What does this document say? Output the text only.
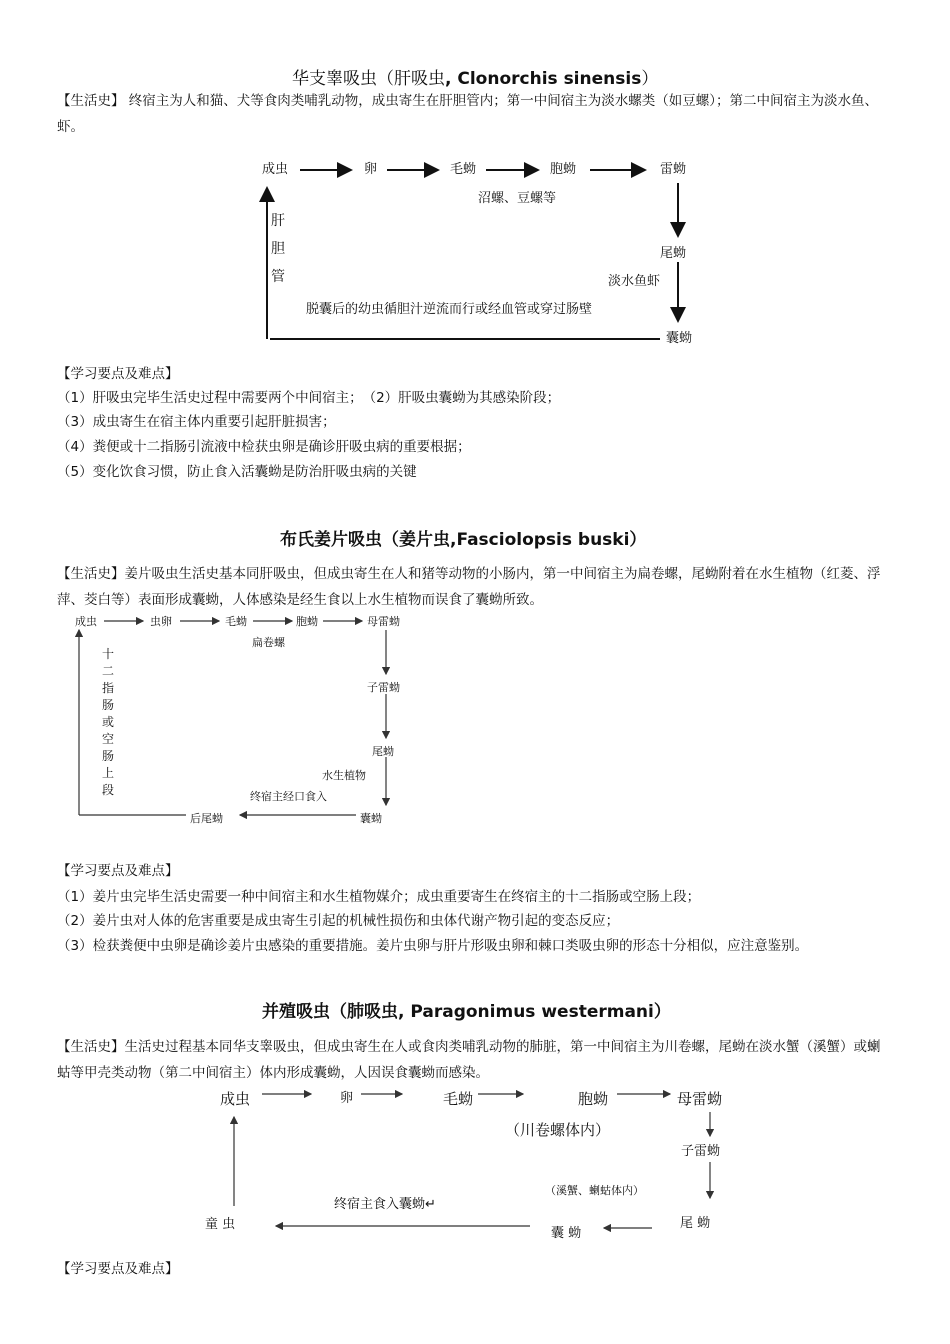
华支睾吸虫（肝吸虫, Clonorchis sinensis）
【生活史】 终宿主为人和猫、犬等食肉类哺乳动物，成虫寄生在肝胆管内；第一中间宿主为淡水螺类（如豆螺）；第二中间宿主为淡水鱼、虾。
成虫	卵	毛蚴	胞蚴	雷蚴
沼螺、豆螺等
尾蚴
淡水鱼虾
脱囊后的幼虫循胆汁逆流而行或经血管或穿过肠壁
囊蚴
肝胆管
【学习要点及难点】
（1）肝吸虫完毕生活史过程中需要两个中间宿主；　（2）肝吸虫囊蚴为其感染阶段；
（3）成虫寄生在宿主体内重要引起肝脏损害；
（4）粪便或十二指肠引流液中检获虫卵是确诊肝吸虫病的重要根据；
（5）变化饮食习惯，防止食入活囊蚴是防治肝吸虫病的关键
布氏姜片吸虫（姜片虫,Fasciolopsis buski）
【生活史】姜片吸虫生活史基本同肝吸虫，但成虫寄生在人和猪等动物的小肠内，第一中间宿主为扁卷螺，尾蚴附着在水生植物（红菱、浮萍、茭白等）表面形成囊蚴，人体感染是经生食以上水生植物而误食了囊蚴所致。
成虫	虫卵	毛蚴	胞蚴	母雷蚴
扁卷螺
子雷蚴
尾蚴
水生植物
终宿主经口食入
囊蚴
后尾蚴
十二指肠或空肠上段
【学习要点及难点】
（1）姜片虫完毕生活史需要一种中间宿主和水生植物媒介；成虫重要寄生在终宿主的十二指肠或空肠上段；
（2）姜片虫对人体的危害重要是成虫寄生引起的机械性损伤和虫体代谢产物引起的变态反应；
（3）检获粪便中虫卵是确诊姜片虫感染的重要措施。姜片虫卵与肝片形吸虫卵和棘口类吸虫卵的形态十分相似，应注意鉴别。
并殖吸虫（肺吸虫, Paragonimus westermani）
【生活史】生活史过程基本同华支睾吸虫，但成虫寄生在人或食肉类哺乳动物的肺脏，第一中间宿主为川卷螺，尾蚴在淡水蟹（溪蟹）或蝲蛄等甲壳类动物（第二中间宿主）体内形成囊蚴，人因误食囊蚴而感染。
成虫	卵	毛蚴	胞蚴	母雷蚴
（川卷螺体内）
子雷蚴
（溪蟹、蝲蛄体内）
终宿主食入囊蚴↵
尾 蚴
囊 蚴
童 虫
【学习要点及难点】
